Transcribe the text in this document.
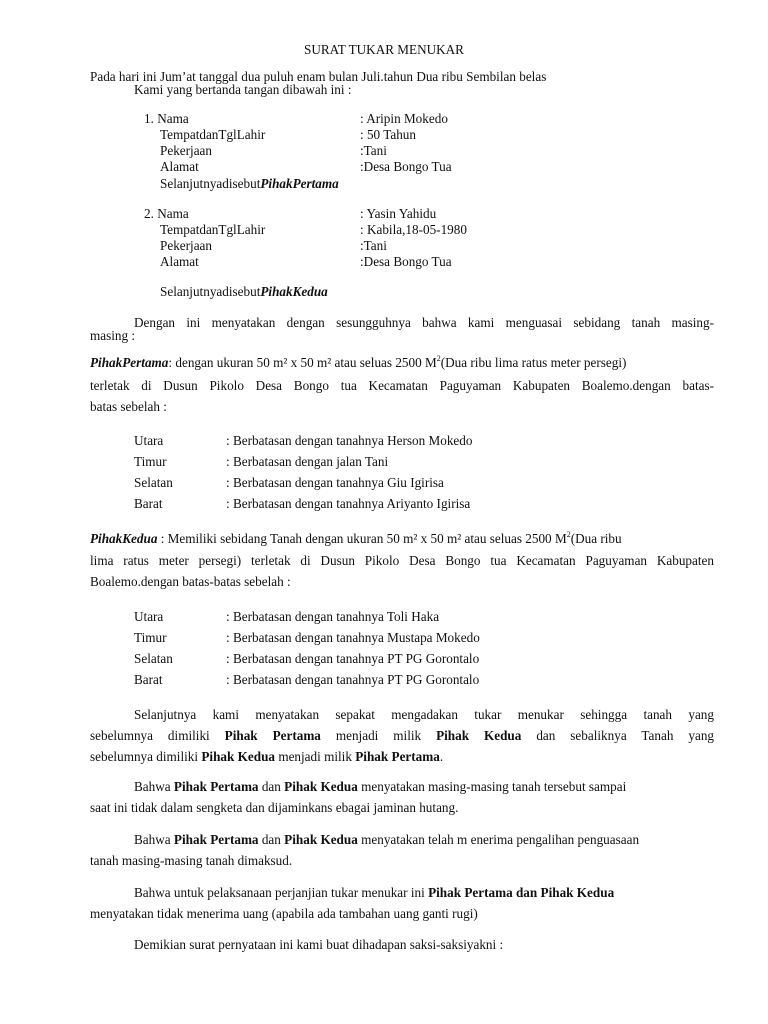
SURAT TUKAR MENUKAR
Pada hari ini Jum’at tanggal dua puluh enam bulan Juli.tahun Dua ribu Sembilan belas
Kami yang bertanda tangan dibawah ini :
1. Nama	: Aripin Mokedo
TempatdanTglLahir	: 50 Tahun
Pekerjaan	:Tani
Alamat	:Desa Bongo Tua
SelanjutnyadisebutPihakPertama
2. Nama	: Yasin Yahidu
TempatdanTglLahir	: Kabila,18-05-1980
Pekerjaan	:Tani
Alamat	:Desa Bongo Tua
SelanjutnyadisebutPihakKedua
Dengan ini menyatakan dengan sesungguhnya bahwa kami menguasai sebidang tanah masing-
masing :
PihakPertama: dengan ukuran 50 m² x 50 m² atau seluas 2500 $M^2(Dua$ ribu lima ratus meter persegi)
terletak di Dusun Pikolo Desa Bongo tua Kecamatan Paguyaman Kabupaten Boalemo.dengan batas-
batas sebelah :
Utara	: Berbatasan dengan tanahnya Herson Mokedo
Timur	: Berbatasan dengan jalan Tani
Selatan	: Berbatasan dengan tanahnya Giu Igirisa
Barat	: Berbatasan dengan tanahnya Ariyanto Igirisa
PihakKedua : Memiliki sebidang Tanah dengan ukuran 50 m² x 50 m² atau seluas 2500 $M^2(Dua$ ribu
lima ratus meter persegi) terletak di Dusun Pikolo Desa Bongo tua Kecamatan Paguyaman Kabupaten
Boalemo.dengan batas-batas sebelah :
Utara	: Berbatasan dengan tanahnya Toli Haka
Timur	: Berbatasan dengan tanahnya Mustapa Mokedo
Selatan	: Berbatasan dengan tanahnya PT PG Gorontalo
Barat	: Berbatasan dengan tanahnya PT PG Gorontalo
Selanjutnya kami menyatakan sepakat mengadakan tukar menukar sehingga tanah yang
sebelumnya dimiliki Pihak Pertama menjadi milik Pihak Kedua dan sebaliknya Tanah yang
sebelumnya dimiliki Pihak Kedua menjadi milik Pihak Pertama.
Bahwa Pihak Pertama dan Pihak Kedua menyatakan masing-masing tanah tersebut sampai
saat ini tidak dalam sengketa dan dijaminkans ebagai jaminan hutang.
Bahwa Pihak Pertama dan Pihak Kedua menyatakan telah m enerima pengalihan penguasaan
tanah masing-masing tanah dimaksud.
Bahwa untuk pelaksanaan perjanjian tukar menukar ini Pihak Pertama dan Pihak Kedua
menyatakan tidak menerima uang (apabila ada tambahan uang ganti rugi)
Demikian surat pernyataan ini kami buat dihadapan saksi-saksiyakni :
